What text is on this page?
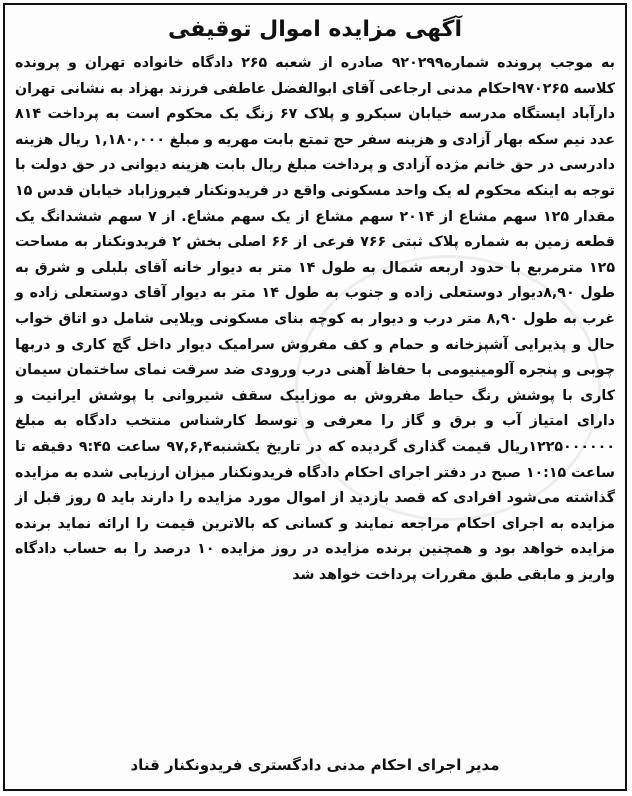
آگهی مزایده اموال توقیفی
به موجب پرونده شماره۹۲۰۲۹۹ صادره از شعبه ۲۶۵ دادگاه خانواده تهران و پرونده کلاسه ۹۷۰۲۶۵احکام مدنی ارجاعی آقای ابوالفضل عاطفی فرزند بهزاد به نشانی تهران دارآباد ایستگاه مدرسه خیابان سبکرو و پلاک ۶۷ زنگ یک محکوم است به پرداخت ۸۱۴ عدد نیم سکه بهار آزادی و هزینه سفر حج تمتع بابت مهریه و مبلغ ۱,۱۸۰,۰۰۰ ریال هزینه دادرسی در حق خانم مژده آزادی و پرداخت مبلغ ریال بابت هزینه دیوانی در حق دولت با توجه به اینکه محکوم له یک واحد مسکونی واقع در فریدونکنار فیروزاباد خیابان قدس ۱۵ مقدار ۱۲۵ سهم مشاع از ۲۰۱۴ سهم مشاع از یک سهم مشاع. از ۷ سهم ششدانگ یک قطعه زمین به شماره پلاک ثبتی ۷۶۶ فرعی از ۶۶ اصلی بخش ۲ فریدونکنار به مساحت ۱۲۵ مترمربع با حدود اربعه شمال به طول ۱۴ متر به دیوار خانه آقای بلبلی و شرق به طول ۸,۹۰دیوار دوستعلی زاده و جنوب به طول ۱۴ متر به دیوار آقای دوستعلی زاده و غرب به طول ۸,۹۰ متر درب و دیوار به کوچه بنای مسکونی ویلایی شامل دو اتاق خواب حال و پذیرایی آشپزخانه و حمام و کف مفروش سرامیک دیوار داخل گچ کاری و دربها چوبی و پنجره آلومینیومی با حفاظ آهنی درب ورودی ضد سرقت نمای ساختمان سیمان کاری با پوشش رنگ حیاط مفروش به موزاییک سقف شیروانی با پوشش ایرانیت و دارای امتیاز آب و برق و گاز را معرفی و توسط کارشناس منتخب دادگاه به مبلغ ۱۲۲۵۰۰۰۰۰۰ریال قیمت گذاری گردیده که در تاریخ یکشنبه۹۷,۶,۴ ساعت ۹:۴۵ دقیقه تا ساعت ۱۰:۱۵ صبح در دفتر اجرای احکام دادگاه فریدونکنار میزان ارزیابی شده به مزایده گذاشته می‌شود افرادی که قصد بازدید از اموال مورد مزایده را دارند باید ۵ روز قبل از مزایده به اجرای احکام مراجعه نمایند و کسانی که بالاترین قیمت را ارائه نماید برنده مزایده خواهد بود و همچنین برنده مزایده در روز مزایده ۱۰ درصد را به حساب دادگاه واریز و مابقی طبق مقررات پرداخت خواهد شد
مدیر اجرای احکام مدنی دادگستری فریدونکنار قناد
